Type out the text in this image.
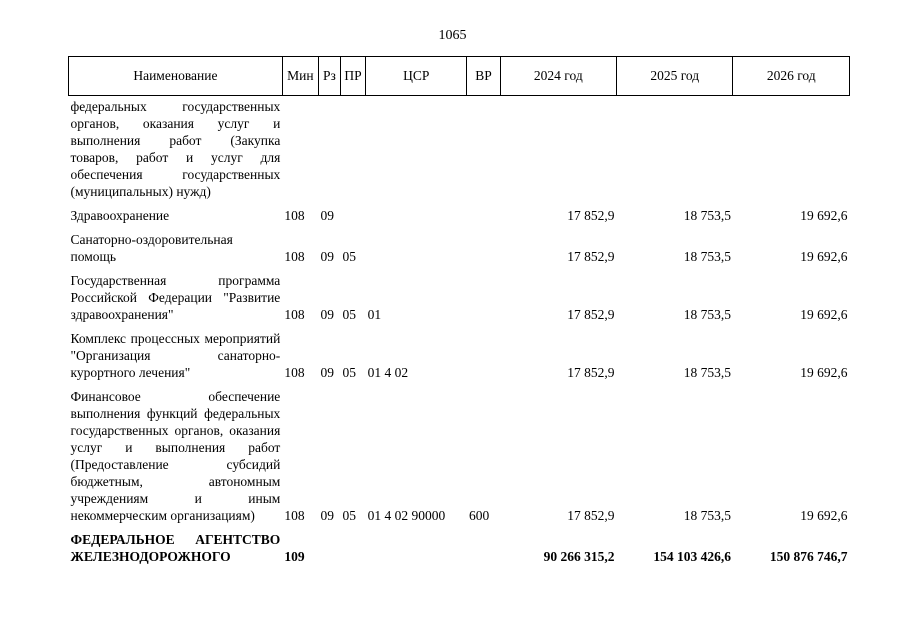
1065
Наименование	Мин	Рз	ПР	ЦСР	ВР	2024 год	2025 год	2026 год
федеральных государственных органов, оказания услуг и выполнения работ (Закупка товаров, работ и услуг для обеспечения государственных (муниципальных) нужд)								
Здравоохранение	108	09				17 852,9	18 753,5	19 692,6
Санаторно-оздоровительная помощь	108	09	05			17 852,9	18 753,5	19 692,6
Государственная программа Российской Федерации "Развитие здравоохранения"	108	09	05	01		17 852,9	18 753,5	19 692,6
Комплекс процессных мероприятий "Организация санаторно-курортного лечения"	108	09	05	01 4 02		17 852,9	18 753,5	19 692,6
Финансовое обеспечение выполнения функций федеральных государственных органов, оказания услуг и выполнения работ (Предоставление субсидий бюджетным, автономным учреждениям и иным некоммерческим организациям)	108	09	05	01 4 02 90000	600	17 852,9	18 753,5	19 692,6
ФЕДЕРАЛЬНОЕ АГЕНТСТВО ЖЕЛЕЗНОДОРОЖНОГО	109					90 266 315,2	154 103 426,6	150 876 746,7
